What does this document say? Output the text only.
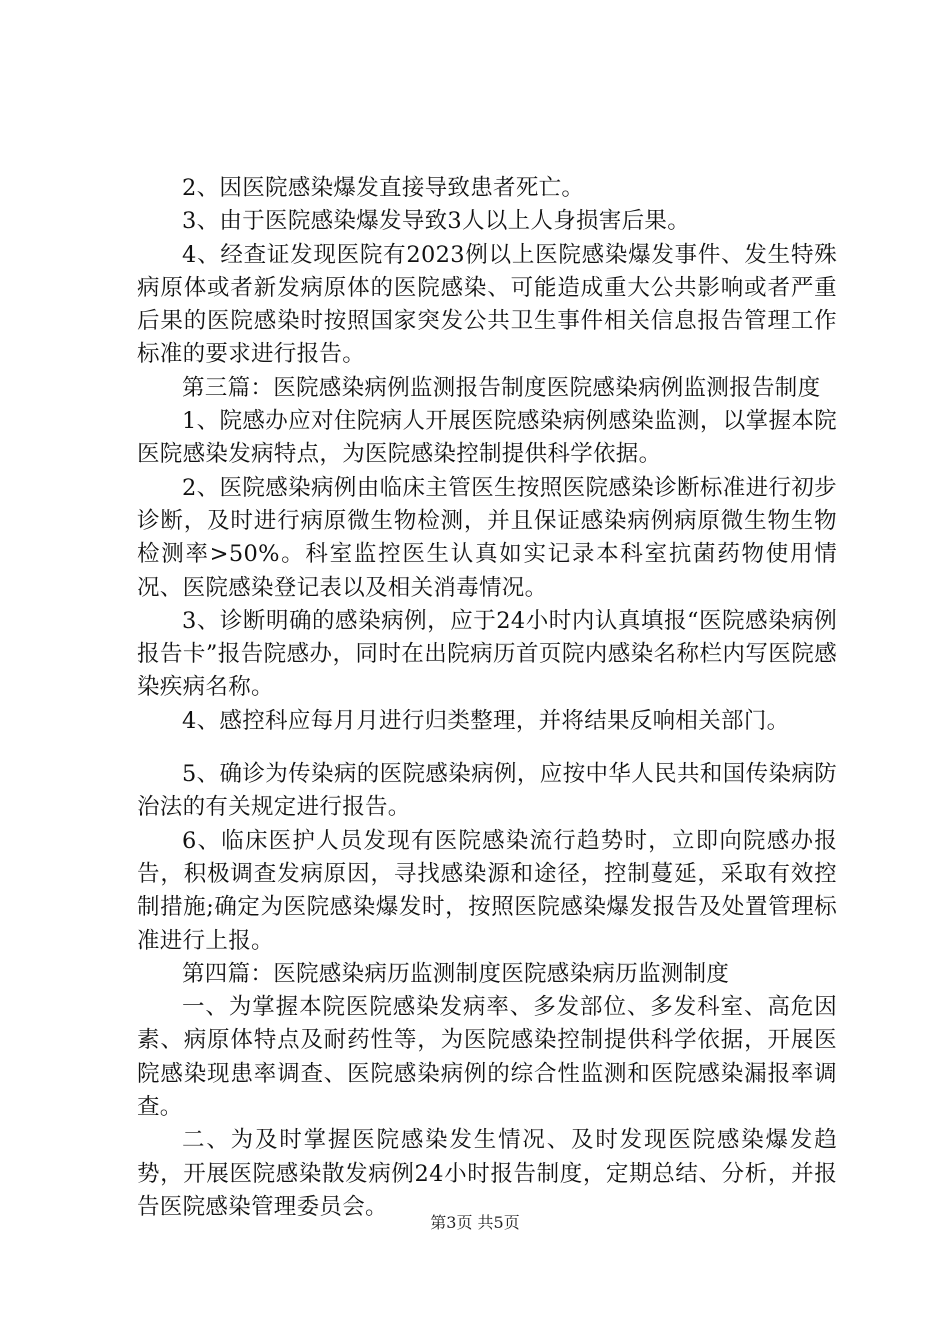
2、因医院感染爆发直接导致患者死亡。

3、由于医院感染爆发导致3人以上人身损害后果。

4、经查证发现医院有2023例以上医院感染爆发事件、发生特殊病原体或者新发病原体的医院感染、可能造成重大公共影响或者严重后果的医院感染时按照国家突发公共卫生事件相关信息报告管理工作标准的要求进行报告。

第三篇：医院感染病例监测报告制度医院感染病例监测报告制度

1、院感办应对住院病人开展医院感染病例感染监测，以掌握本院医院感染发病特点，为医院感染控制提供科学依据。

2、医院感染病例由临床主管医生按照医院感染诊断标准进行初步诊断，及时进行病原微生物检测，并且保证感染病例病原微生物生物检测率>50%。科室监控医生认真如实记录本科室抗菌药物使用情况、医院感染登记表以及相关消毒情况。

3、诊断明确的感染病例，应于24小时内认真填报“医院感染病例报告卡”报告院感办，同时在出院病历首页院内感染名称栏内写医院感染疾病名称。

4、感控科应每月月进行归类整理，并将结果反响相关部门。

5、确诊为传染病的医院感染病例，应按中华人民共和国传染病防治法的有关规定进行报告。

6、临床医护人员发现有医院感染流行趋势时，立即向院感办报告，积极调查发病原因，寻找感染源和途径，控制蔓延，采取有效控制措施;确定为医院感染爆发时，按照医院感染爆发报告及处置管理标准进行上报。

第四篇：医院感染病历监测制度医院感染病历监测制度

一、为掌握本院医院感染发病率、多发部位、多发科室、高危因素、病原体特点及耐药性等，为医院感染控制提供科学依据，开展医院感染现患率调查、医院感染病例的综合性监测和医院感染漏报率调查。

二、为及时掌握医院感染发生情况、及时发现医院感染爆发趋势，开展医院感染散发病例24小时报告制度，定期总结、分析，并报告医院感染管理委员会。

第3页 共5页
